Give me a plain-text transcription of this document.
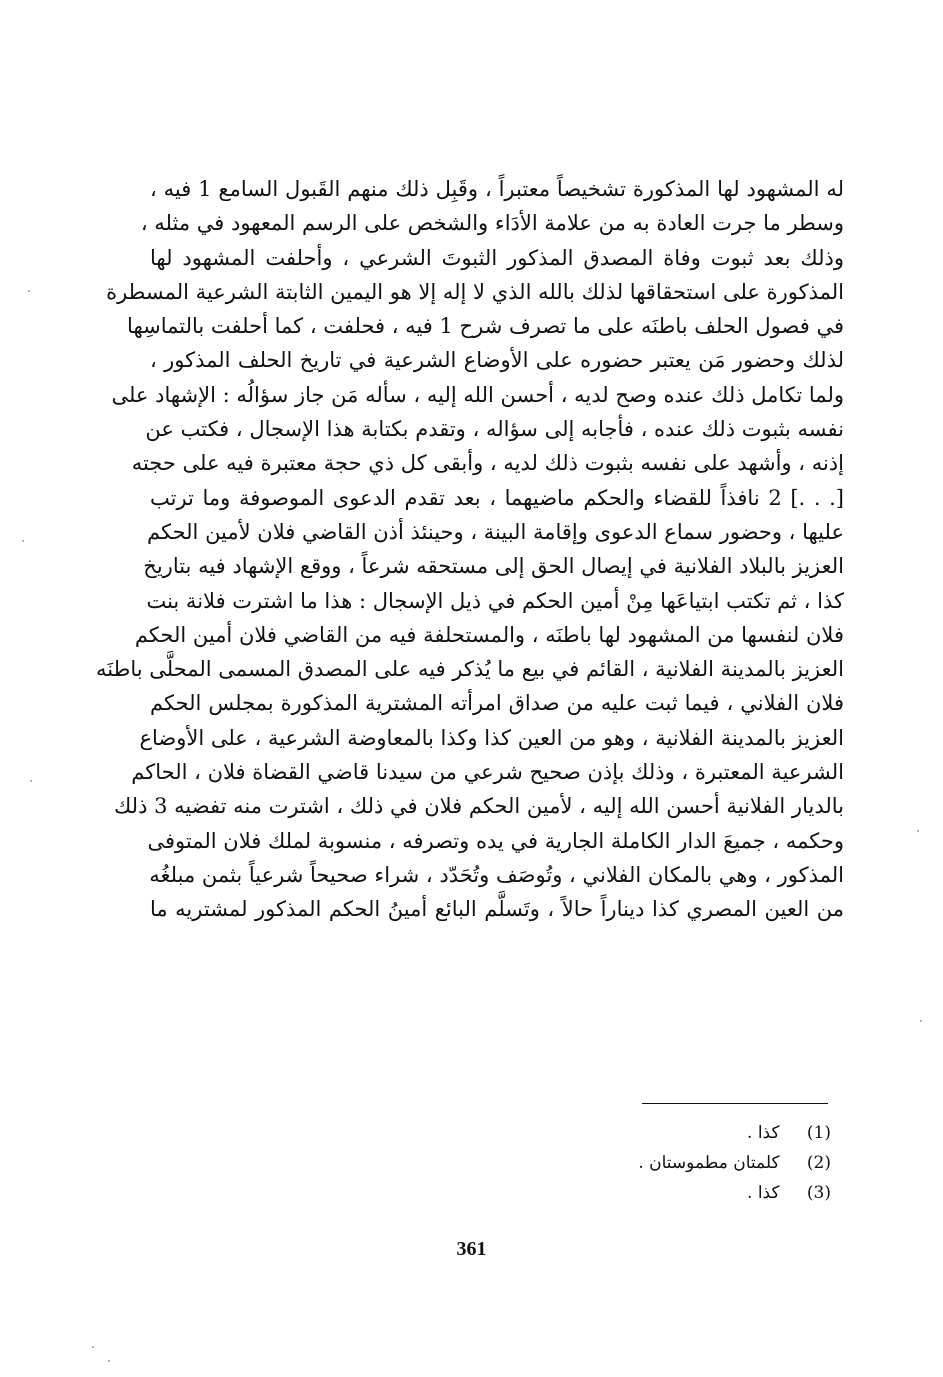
له المشهود لها المذكورة تشخيصاً معتبراً ، وقَبِل ذلك منهم القَبول السامع 1 فيه ،
وسطر ما جرت العادة به من علامة الأدَاء والشخص على الرسم المعهود في مثله ،
وذلك بعد ثبوت وفاة المصدق المذكور الثبوتَ الشرعي ، وأحلفت المشهود لها
المذكورة على استحقاقها لذلك بالله الذي لا إله إلا هو اليمين الثابتة الشرعية المسطرة
في فصول الحلف باطنَه على ما تصرف شرح 1 فيه ، فحلفت ، كما أحلفت بالتماسِها
لذلك وحضور مَن يعتبر حضوره على الأوضاع الشرعية في تاريخ الحلف المذكور ،
ولما تكامل ذلك عنده وصح لديه ، أحسن الله إليه ، سأله مَن جاز سؤالُه : الإشهاد على
نفسه بثبوت ذلك عنده ، فأجابه إلى سؤاله ، وتقدم بكتابة هذا الإسجال ، فكتب عن
إذنه ، وأشهد على نفسه بثبوت ذلك لديه ، وأبقى كل ذي حجة معتبرة فيه على حجته
[. . .] 2 نافذاً للقضاء والحكم ماضيهما ، بعد تقدم الدعوى الموصوفة وما ترتب
عليها ، وحضور سماع الدعوى وإقامة البينة ، وحينئذ أذن القاضي فلان لأمين الحكم
العزيز بالبلاد الفلانية في إيصال الحق إلى مستحقه شرعاً ، ووقع الإشهاد فيه بتاريخ
كذا ، ثم تكتب ابتياعَها مِنْ أمين الحكم في ذيل الإسجال : هذا ما اشترت فلانة بنت
فلان لنفسها من المشهود لها باطنَه ، والمستحلفة فيه من القاضي فلان أمين الحكم
العزيز بالمدينة الفلانية ، القائم في بيع ما يُذكر فيه على المصدق المسمى المحلَّى باطنَه
فلان الفلاني ، فيما ثبت عليه من صداق امرأته المشترية المذكورة بمجلس الحكم
العزيز بالمدينة الفلانية ، وهو من العين كذا وكذا بالمعاوضة الشرعية ، على الأوضاع
الشرعية المعتبرة ، وذلك بإذن صحيح شرعي من سيدنا قاضي القضاة فلان ، الحاكم
بالديار الفلانية أحسن الله إليه ، لأمين الحكم فلان في ذلك ، اشترت منه تفضيه 3 ذلك
وحكمه ، جميعَ الدار الكاملة الجارية في يده وتصرفه ، منسوبة لملك فلان المتوفى
المذكور ، وهي بالمكان الفلاني ، وتُوصَف وتُحَدّد ، شراء صحيحاً شرعياً بثمن مبلغُه
من العين المصري كذا ديناراً حالاً ، وتَسلَّم البائع أمينُ الحكم المذكور لمشتريه ما
(1) كذا .
(2) كلمتان مطموستان .
(3) كذا .
361
